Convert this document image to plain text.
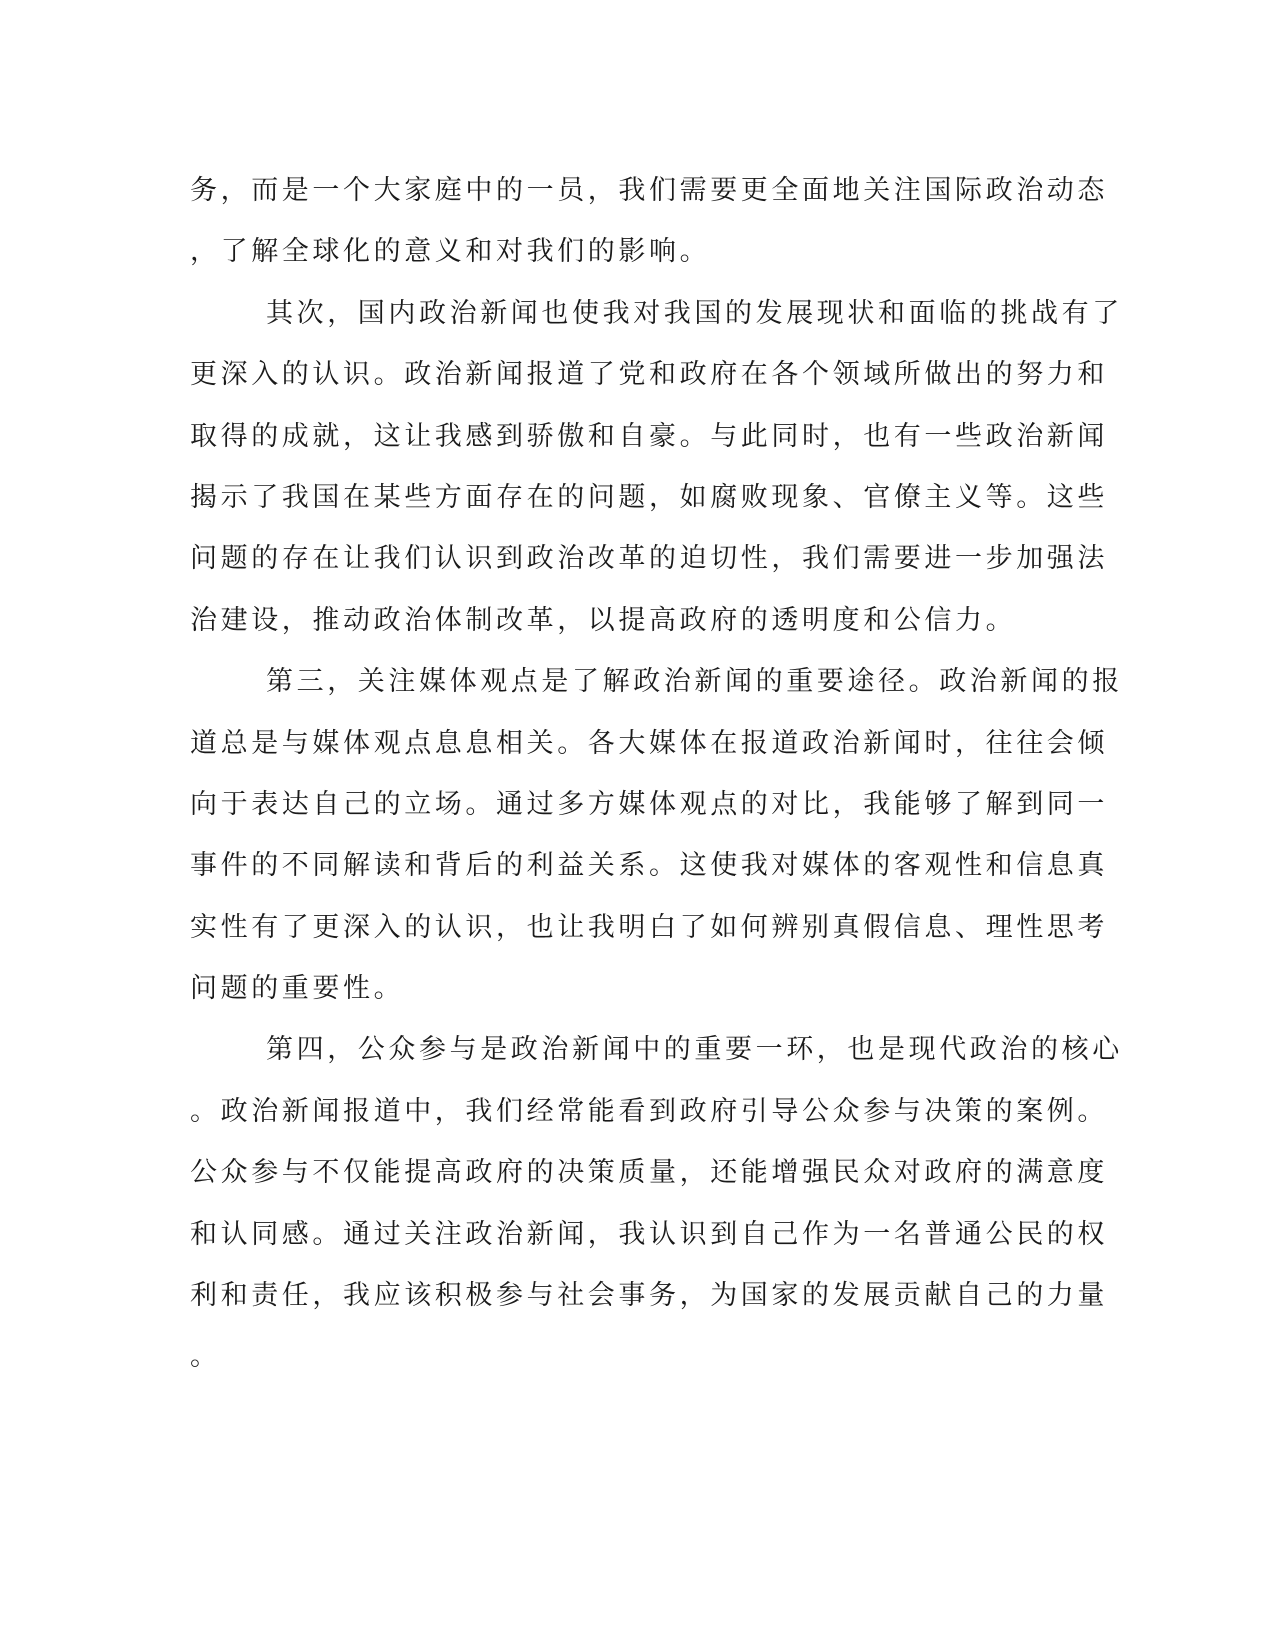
务，而是一个大家庭中的一员，我们需要更全面地关注国际政治动态
，了解全球化的意义和对我们的影响。
其次，国内政治新闻也使我对我国的发展现状和面临的挑战有了
更深入的认识。政治新闻报道了党和政府在各个领域所做出的努力和
取得的成就，这让我感到骄傲和自豪。与此同时，也有一些政治新闻
揭示了我国在某些方面存在的问题，如腐败现象、官僚主义等。这些
问题的存在让我们认识到政治改革的迫切性，我们需要进一步加强法
治建设，推动政治体制改革，以提高政府的透明度和公信力。
第三，关注媒体观点是了解政治新闻的重要途径。政治新闻的报
道总是与媒体观点息息相关。各大媒体在报道政治新闻时，往往会倾
向于表达自己的立场。通过多方媒体观点的对比，我能够了解到同一
事件的不同解读和背后的利益关系。这使我对媒体的客观性和信息真
实性有了更深入的认识，也让我明白了如何辨别真假信息、理性思考
问题的重要性。
第四，公众参与是政治新闻中的重要一环，也是现代政治的核心
。政治新闻报道中，我们经常能看到政府引导公众参与决策的案例。
公众参与不仅能提高政府的决策质量，还能增强民众对政府的满意度
和认同感。通过关注政治新闻，我认识到自己作为一名普通公民的权
利和责任，我应该积极参与社会事务，为国家的发展贡献自己的力量
。
